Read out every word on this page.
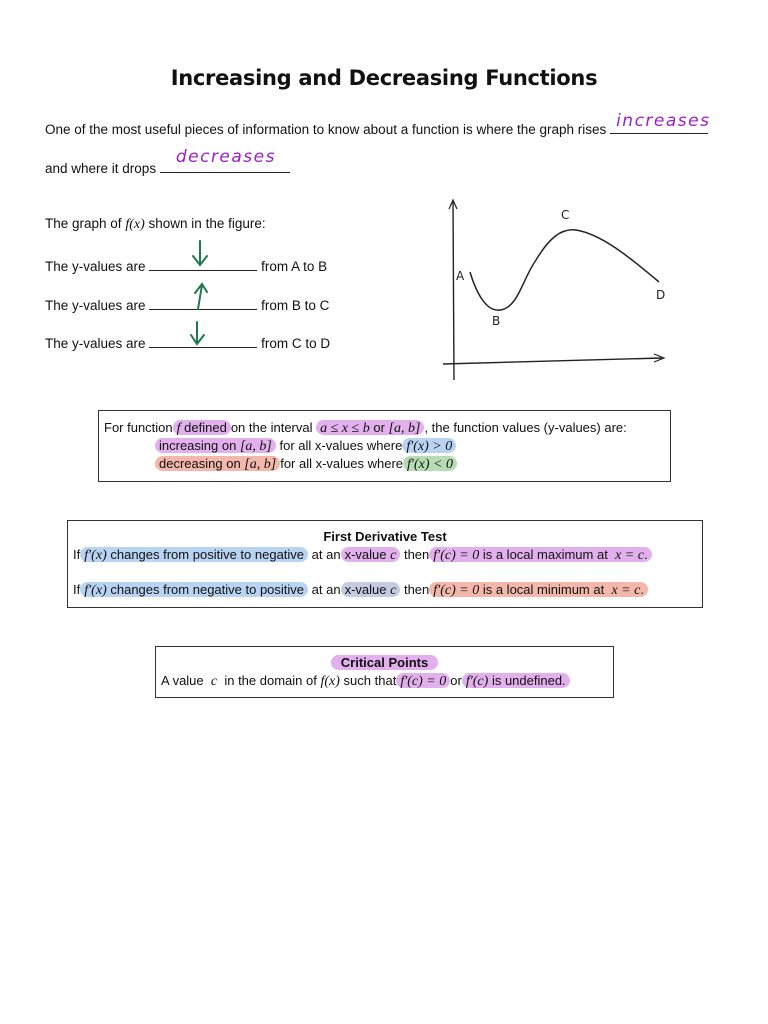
Increasing and Decreasing Functions
One of the most useful pieces of information to know about a function is where the graph rises increases
and where it drops
decreases
The graph of f(x) shown in the figure:
The y-values are	from A to B
The y-values are	from B to C
The y-values are	from C to D
A
B
C
D
For function f defined on the interval a ≤ x ≤ b or [a, b] , the function values (y-values) are:
increasing on [a, b] for all x-values where f′(x) > 0
decreasing on [a, b] for all x-values where f′(x) < 0
First Derivative Test
If f′(x) changes from positive to negative at an x-value c then f′(c) = 0 is a local maximum at x = c.
If f′(x) changes from negative to positive at an x-value c then f′(c) = 0 is a local minimum at x = c.
Critical Points
A value c in the domain of f(x) such that f′(c) = 0 or f′(c) is undefined.
